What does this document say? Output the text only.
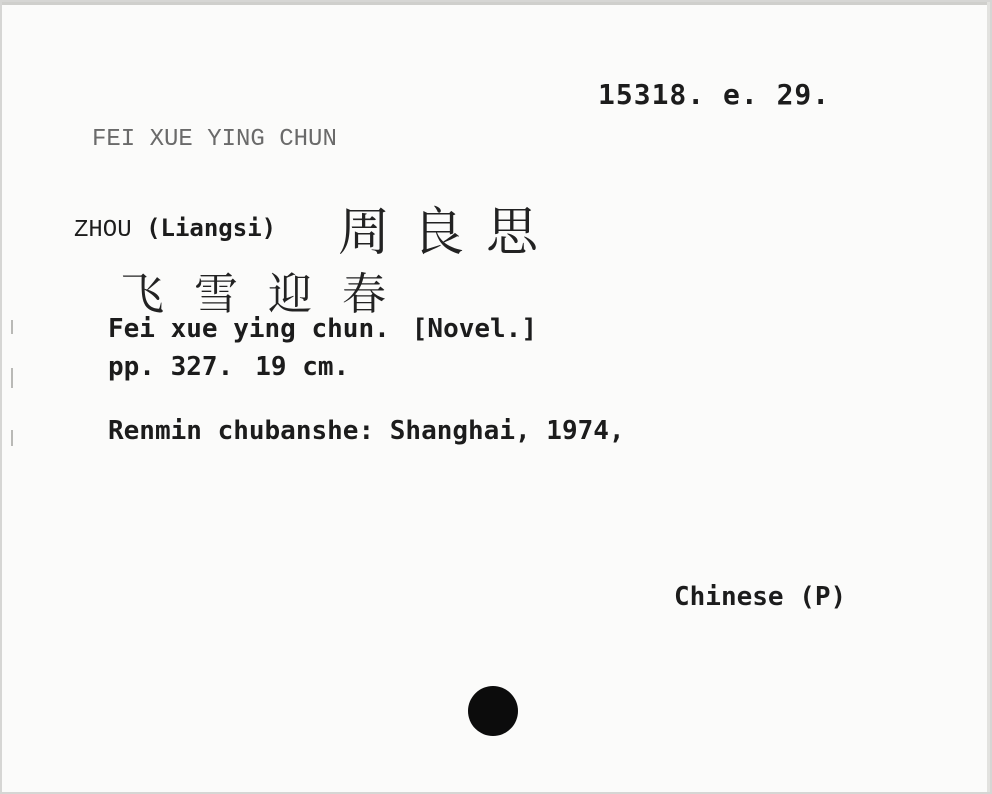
15318. e. 29.

FEI XUE YING CHUN

ZHOU (Liangsi) 周良思
飞雪迎春

Fei xue ying chun. [Novel.]

pp. 327. 19 cm.

Renmin chubanshe: Shanghai, 1974,

Chinese (P)
